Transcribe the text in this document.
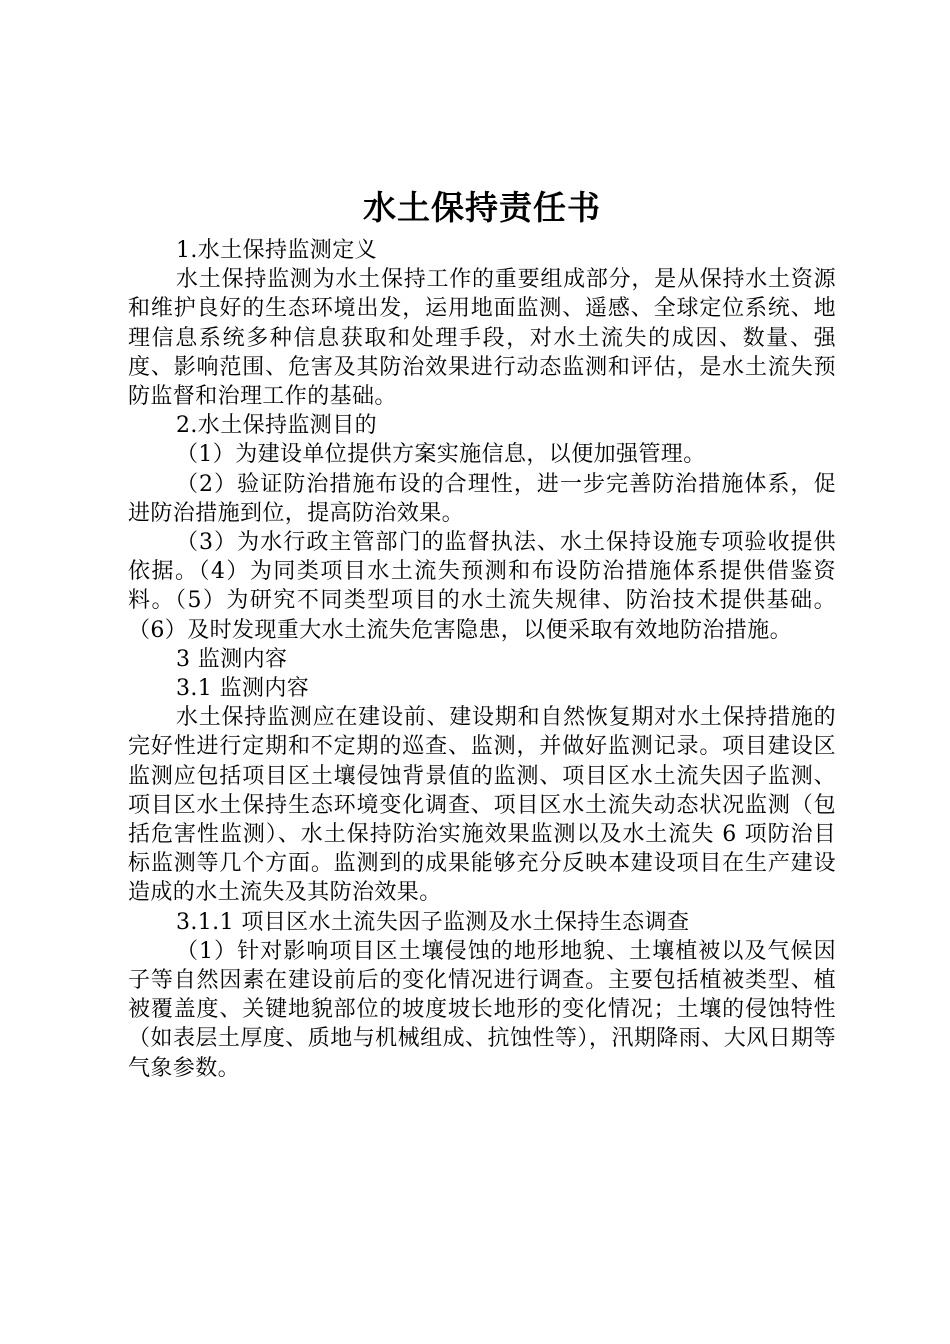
水土保持责任书

1.水土保持监测定义

水土保持监测为水土保持工作的重要组成部分，是从保持水土资源和维护良好的生态环境出发，运用地面监测、遥感、全球定位系统、地理信息系统多种信息获取和处理手段，对水土流失的成因、数量、强度、影响范围、危害及其防治效果进行动态监测和评估，是水土流失预防监督和治理工作的基础。

2.水土保持监测目的

（1）为建设单位提供方案实施信息，以便加强管理。

（2）验证防治措施布设的合理性，进一步完善防治措施体系，促进防治措施到位，提高防治效果。

（3）为水行政主管部门的监督执法、水土保持设施专项验收提供依据。（4）为同类项目水土流失预测和布设防治措施体系提供借鉴资料。（5）为研究不同类型项目的水土流失规律、防治技术提供基础。（6）及时发现重大水土流失危害隐患，以便采取有效地防治措施。

3 监测内容

3.1 监测内容

水土保持监测应在建设前、建设期和自然恢复期对水土保持措施的完好性进行定期和不定期的巡查、监测，并做好监测记录。项目建设区监测应包括项目区土壤侵蚀背景值的监测、项目区水土流失因子监测、项目区水土保持生态环境变化调查、项目区水土流失动态状况监测（包括危害性监测）、水土保持防治实施效果监测以及水土流失 6 项防治目标监测等几个方面。监测到的成果能够充分反映本建设项目在生产建设造成的水土流失及其防治效果。

3.1.1 项目区水土流失因子监测及水土保持生态调查

（1）针对影响项目区土壤侵蚀的地形地貌、土壤植被以及气候因子等自然因素在建设前后的变化情况进行调查。主要包括植被类型、植被覆盖度、关键地貌部位的坡度坡长地形的变化情况；土壤的侵蚀特性（如表层土厚度、质地与机械组成、抗蚀性等），汛期降雨、大风日期等气象参数。
